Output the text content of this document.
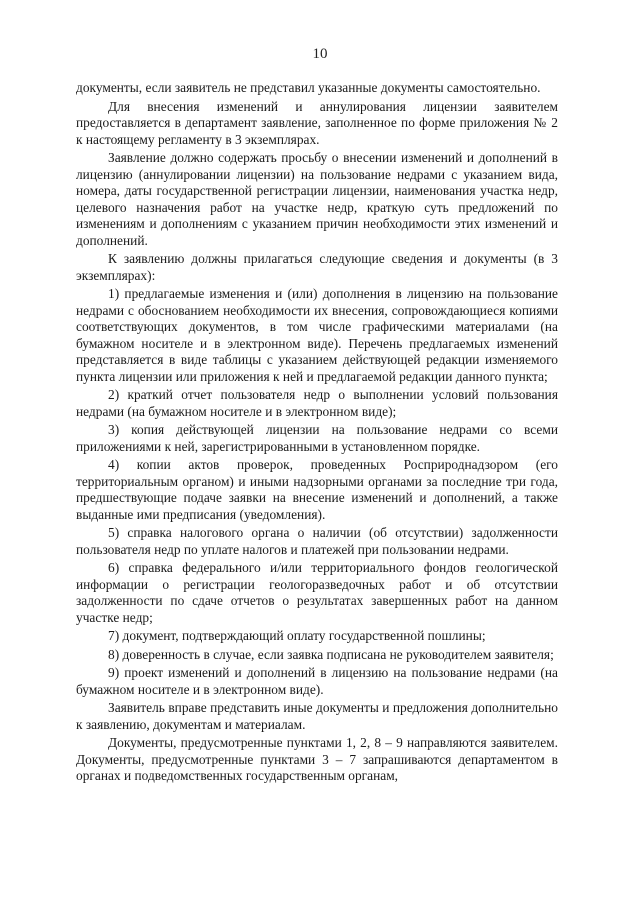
10

документы, если заявитель не представил указанные документы самостоятельно.

Для внесения изменений и аннулирования лицензии заявителем предоставляется в департамент заявление, заполненное по форме приложения № 2 к настоящему регламенту в 3 экземплярах.

Заявление должно содержать просьбу о внесении изменений и дополнений в лицензию (аннулировании лицензии) на пользование недрами с указанием вида, номера, даты государственной регистрации лицензии, наименования участка недр, целевого назначения работ на участке недр, краткую суть предложений по изменениям и дополнениям с указанием причин необходимости этих изменений и дополнений.

К заявлению должны прилагаться следующие сведения и документы (в 3 экземплярах):

1) предлагаемые изменения и (или) дополнения в лицензию на пользование недрами с обоснованием необходимости их внесения, сопровождающиеся копиями соответствующих документов, в том числе графическими материалами (на бумажном носителе и в электронном виде). Перечень предлагаемых изменений представляется в виде таблицы с указанием действующей редакции изменяемого пункта лицензии или приложения к ней и предлагаемой редакции данного пункта;

2) краткий отчет пользователя недр о выполнении условий пользования недрами (на бумажном носителе и в электронном виде);

3) копия действующей лицензии на пользование недрами со всеми приложениями к ней, зарегистрированными в установленном порядке.

4) копии актов проверок, проведенных Росприроднадзором (его территориальным органом) и иными надзорными органами за последние три года, предшествующие подаче заявки на внесение изменений и дополнений, а также выданные ими предписания (уведомления).

5) справка налогового органа о наличии (об отсутствии) задолженности пользователя недр по уплате налогов и платежей при пользовании недрами.

6) справка федерального и/или территориального фондов геологической информации о регистрации геологоразведочных работ и об отсутствии задолженности по сдаче отчетов о результатах завершенных работ на данном участке недр;

7) документ, подтверждающий оплату государственной пошлины;

8) доверенность в случае, если заявка подписана не руководителем заявителя;

9) проект изменений и дополнений в лицензию на пользование недрами (на бумажном носителе и в электронном виде).

Заявитель вправе представить иные документы и предложения дополнительно к заявлению, документам и материалам.

Документы, предусмотренные пунктами 1, 2, 8 – 9 направляются заявителем. Документы, предусмотренные пунктами 3 – 7 запрашиваются департаментом в органах и подведомственных государственным органам,
